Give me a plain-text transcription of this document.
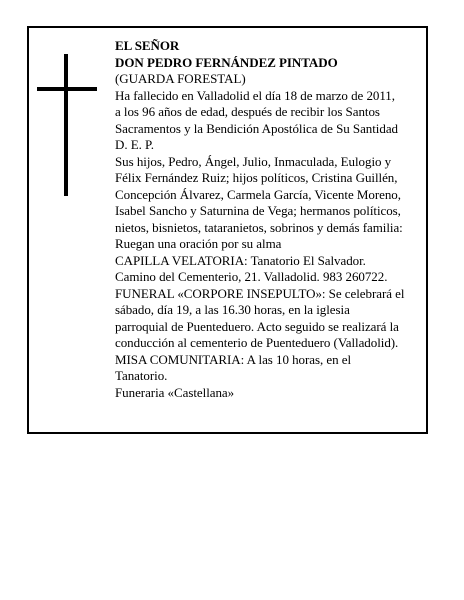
EL SEÑOR

DON PEDRO FERNÁNDEZ PINTADO

(GUARDA FORESTAL)

Ha fallecido en Valladolid el día 18 de marzo de 2011,

a los 96 años de edad, después de recibir los Santos

Sacramentos y la Bendición Apostólica de Su Santidad

D. E. P.

Sus hijos, Pedro, Ángel, Julio, Inmaculada, Eulogio y

Félix Fernández Ruiz; hijos políticos, Cristina Guillén,

Concepción Álvarez, Carmela García, Vicente Moreno,

Isabel Sancho y Saturnina de Vega; hermanos políticos,

nietos, bisnietos, tataranietos, sobrinos y demás familia:

Ruegan una oración por su alma

CAPILLA VELATORIA: Tanatorio El Salvador.

Camino del Cementerio, 21. Valladolid. 983 260722.

FUNERAL «CORPORE INSEPULTO»: Se celebrará el

sábado, día 19, a las 16.30 horas, en la iglesia

parroquial de Puenteduero. Acto seguido se realizará la

conducción al cementerio de Puenteduero (Valladolid).

MISA COMUNITARIA: A las 10 horas, en el

Tanatorio.

Funeraria «Castellana»
